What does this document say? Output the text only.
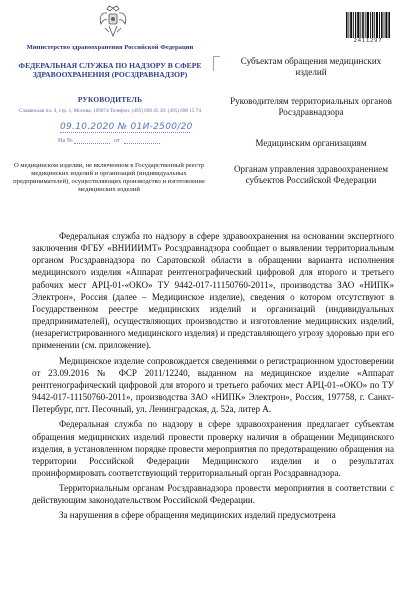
Министерство здравоохранения Российской Федерации
ФЕДЕРАЛЬНАЯ СЛУЖБА ПО НАДЗОРУ В СФЕРЕ ЗДРАВООХРАНЕНИЯ (РОСЗДРАВНАДЗОР)
РУКОВОДИТЕЛЬ
Славянская пл. 4, стр. 1, Москва, 109074 Телефон: (495) 698 45 38; (495) 698 15 74
09.10.2020 № 01И-2500/20
На №	от
О медицинском изделии, не включенном в Государственный реестр медицинских изделий и организаций (индивидуальных предпринимателей), осуществляющих производство и изготовление медицинских изделий
2411297
Субъектам обращения медицинских изделий
Руководителям территориальных органов Росздравнадзора
Медицинским организациям
Органам управления здравоохранением субъектов Российской Федерации

Федеральная служба по надзору в сфере здравоохранения на основании экспертного заключения ФГБУ «ВНИИИМТ» Росздравнадзора сообщает о выявлении территориальным органом Росздравнадзора по Саратовской области в обращении варианта исполнения медицинского изделия «Аппарат рентгенографический цифровой для второго и третьего рабочих мест АРЦ-01-«ОКО» ТУ 9442-017-11150760-2011», производства ЗАО «НИПК» Электрон», Россия (далее – Медицинское изделие), сведения о котором отсутствуют в Государственном реестре медицинских изделий и организаций (индивидуальных предпринимателей), осуществляющих производство и изготовление медицинских изделий, (незарегистрированного медицинского изделия) и представляющего угрозу здоровью при его применении (см. приложение).

Медицинское изделие сопровождается сведениями о регистрационном удостоверении от 23.09.2016 № ФСР 2011/12240, выданном на медицинское изделие «Аппарат рентгенографический цифровой для второго и третьего рабочих мест АРЦ-01-«ОКО» по ТУ 9442-017-11150760-2011», производства ЗАО «НИПК» Электрон», Россия, 197758, г. Санкт-Петербург, пгт. Песочный, ул. Ленинградская, д. 52а, литер А.

Федеральная служба по надзору в сфере здравоохранения предлагает субъектам обращения медицинских изделий провести проверку наличия в обращении Медицинского изделия, в установленном порядке провести мероприятия по предотвращению обращения на территории Российской Федерации Медицинского изделия и о результатах проинформировать соответствующий территориальный орган Росздравнадзора.

Территориальным органам Росздравнадзора провести мероприятия в соответствии с действующим законодательством Российской Федерации.

За нарушения в сфере обращения медицинских изделий предусмотрена
